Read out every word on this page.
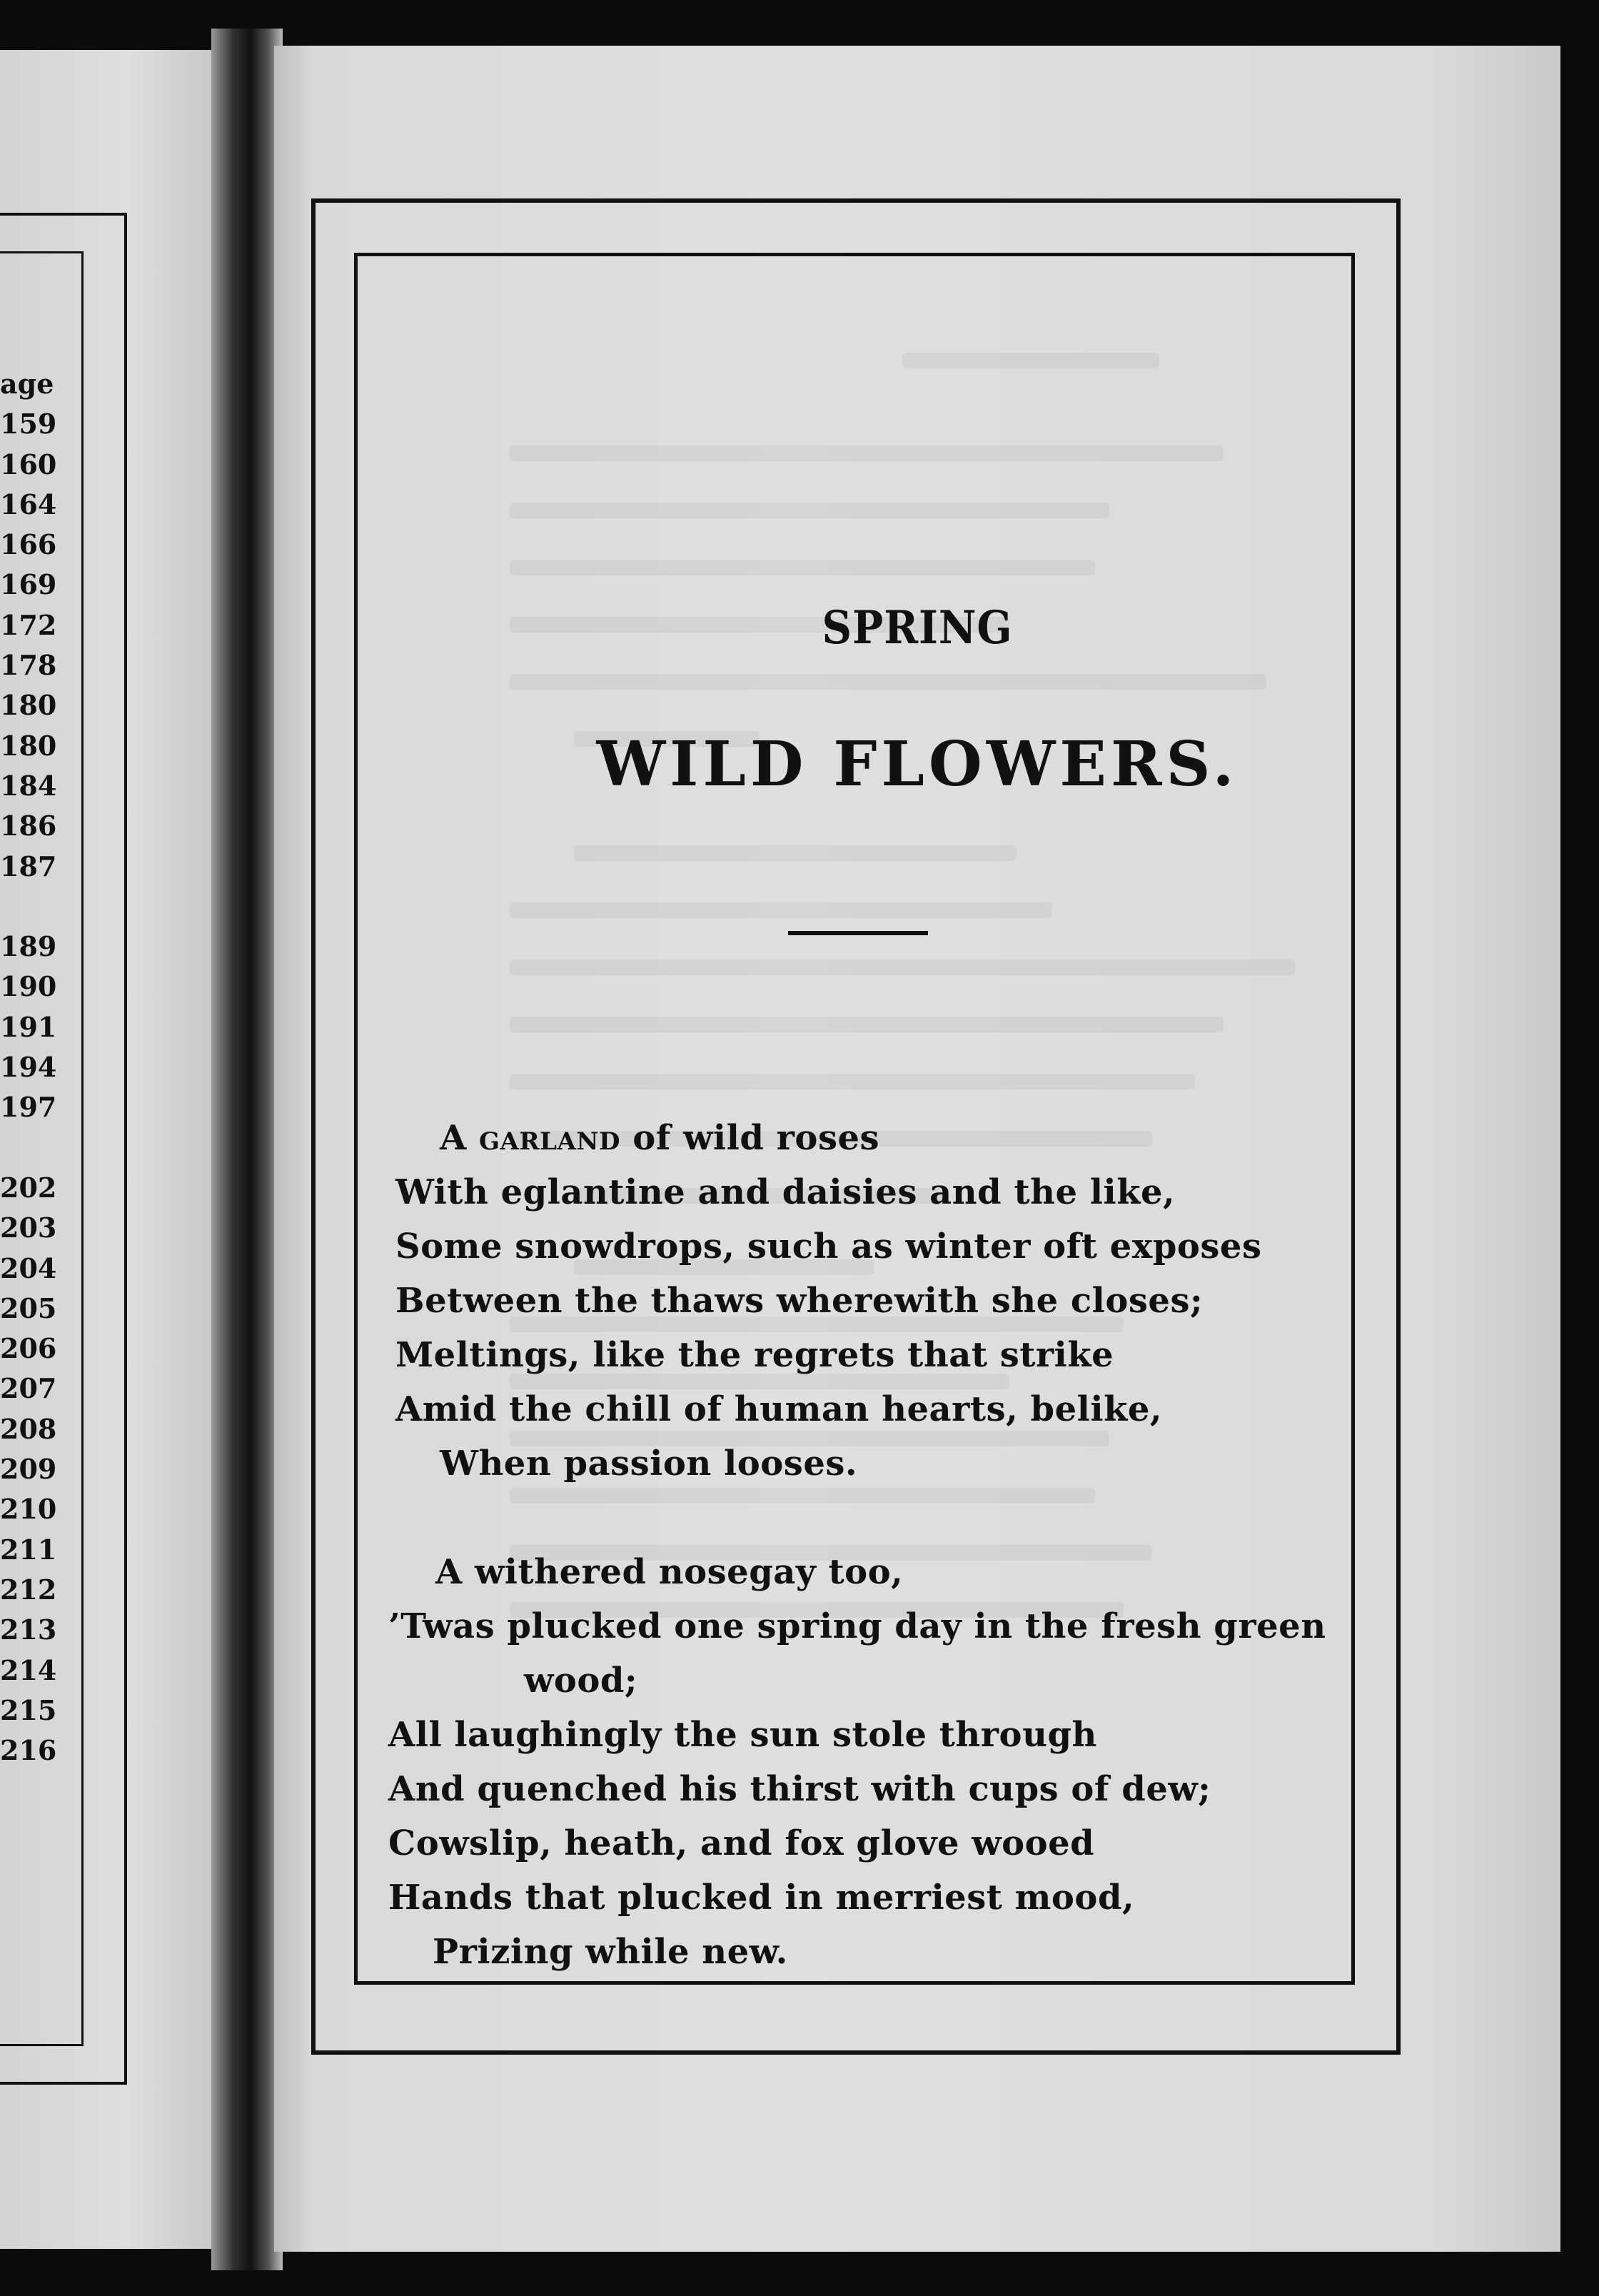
age
159
160
164
166
169
172
178
180
180
184
186
187
189
190
191
194
197
202
203
204
205
206
207
208
209
210
211
212
213
214
215
216
SPRING
WILD FLOWERS.
A garland of wild roses
With eglantine and daisies and the like,
Some snowdrops, such as winter oft exposes
Between the thaws wherewith she closes;
Meltings, like the regrets that strike
Amid the chill of human hearts, belike,
When passion looses.
A withered nosegay too,
’Twas plucked one spring day in the fresh green
wood;
All laughingly the sun stole through
And quenched his thirst with cups of dew;
Cowslip, heath, and fox glove wooed
Hands that plucked in merriest mood,
Prizing while new.
